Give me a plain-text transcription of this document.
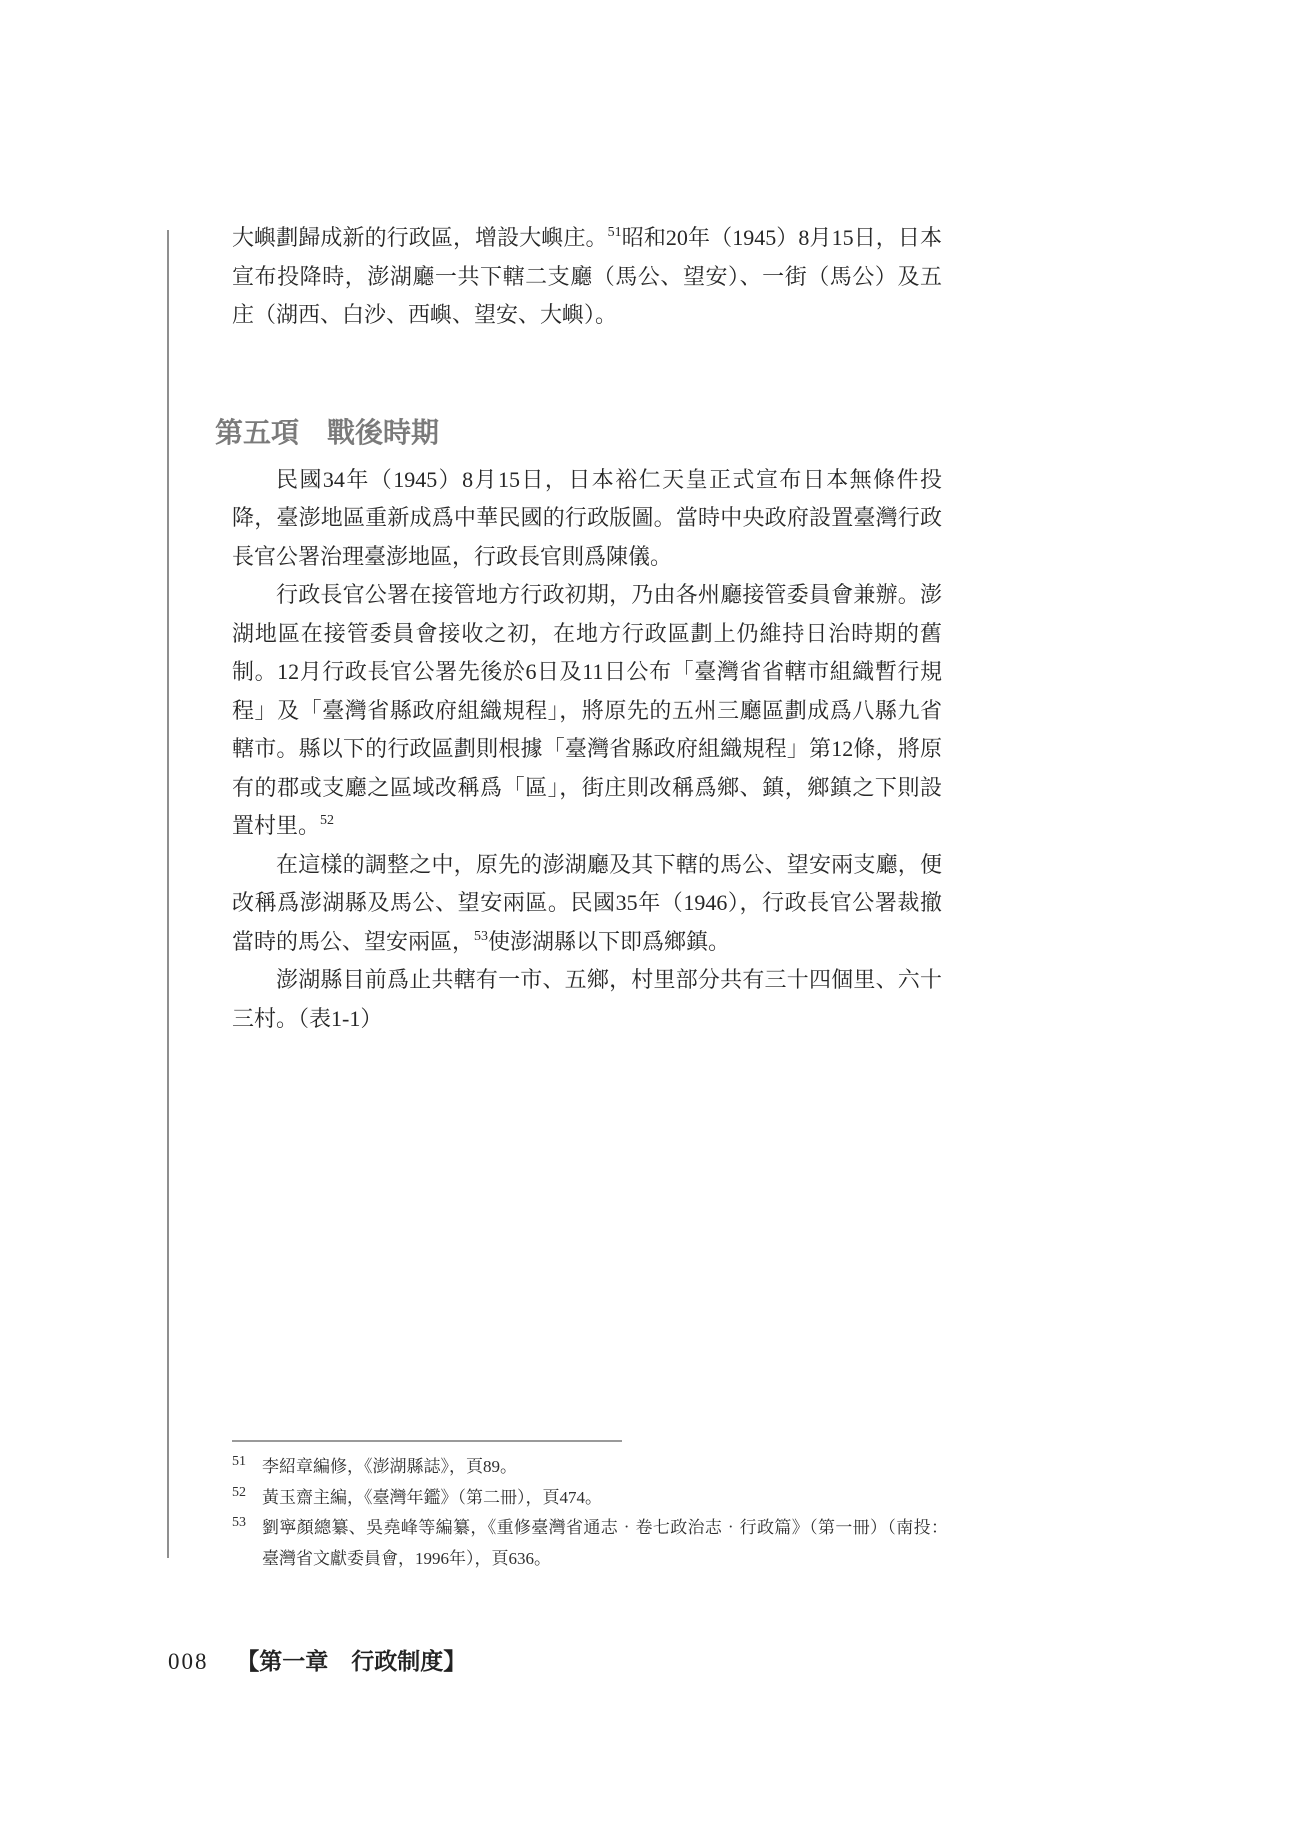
大嶼劃歸成新的行政區，增設大嶼庄。$^{51}$昭和20年（1945）8月15日，日本宣布投降時，澎湖廳一共下轄二支廳（馬公、望安）、一街（馬公）及五庄（湖西、白沙、西嶼、望安、大嶼）。

第五項　戰後時期

民國34年（1945）8月15日，日本裕仁天皇正式宣布日本無條件投降，臺澎地區重新成爲中華民國的行政版圖。當時中央政府設置臺灣行政長官公署治理臺澎地區，行政長官則爲陳儀。

行政長官公署在接管地方行政初期，乃由各州廳接管委員會兼辦。澎湖地區在接管委員會接收之初，在地方行政區劃上仍維持日治時期的舊制。12月行政長官公署先後於6日及11日公布「臺灣省省轄市組織暫行規程」及「臺灣省縣政府組織規程」，將原先的五州三廳區劃成爲八縣九省轄市。縣以下的行政區劃則根據「臺灣省縣政府組織規程」第12條，將原有的郡或支廳之區域改稱爲「區」，街庄則改稱爲鄉、鎮，鄉鎮之下則設置村里。$^{52}$

在這樣的調整之中，原先的澎湖廳及其下轄的馬公、望安兩支廳，便改稱爲澎湖縣及馬公、望安兩區。民國35年（1946），行政長官公署裁撤當時的馬公、望安兩區，$^{53}$使澎湖縣以下即爲鄉鎮。

澎湖縣目前爲止共轄有一市、五鄉，村里部分共有三十四個里、六十三村。（表1-1）

51 李紹章編修，《澎湖縣誌》，頁89。
52 黃玉齋主編，《臺灣年鑑》（第二冊），頁474。
53 劉寧顏總纂、吳堯峰等編纂，《重修臺灣省通志‧卷七政治志‧行政篇》（第一冊）（南投：臺灣省文獻委員會，1996年），頁636。
008 【第一章　行政制度】
